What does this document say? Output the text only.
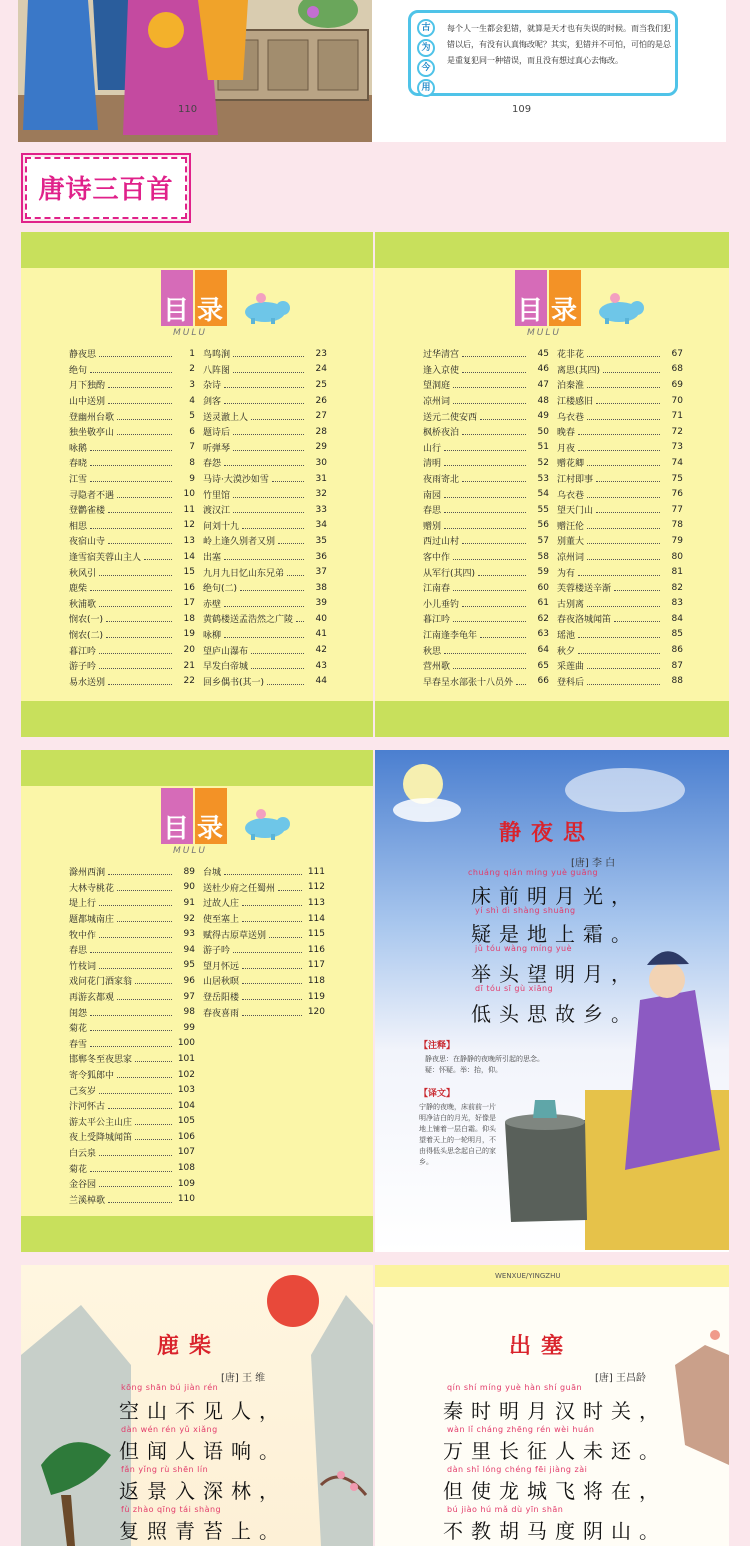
110
古
为
今
用
每个人一生都会犯错，就算是天才也有失误的时候。而当我们犯错以后，有没有认真悔改呢？其实，犯错并不可怕，可怕的是总是重复犯同一种错误，而且没有想过真心去悔改。
109
唐诗三百首
目 录
MULU
静夜思	1
绝句	2
月下独酌	3
山中送别	4
登幽州台歌	5
独坐敬亭山	6
咏鹅	7
春晓	8
江雪	9
寻隐者不遇	10
登鹳雀楼	11
相思	12
夜宿山寺	13
逢雪宿芙蓉山主人	14
秋风引	15
鹿柴	16
秋浦歌	17
悯农(一)	18
悯农(二)	19
暮江吟	20
游子吟	21
易水送别	22
鸟鸣涧	23
八阵图	24
杂诗	25
剑客	26
送灵澈上人	27
题诗后	28
听弹琴	29
春怨	30
马诗·大漠沙如雪	31
竹里馆	32
渡汉江	33
问刘十九	34
岭上逢久别者又别	35
出塞	36
九月九日忆山东兄弟	37
绝句(二)	38
赤壁	39
黄鹤楼送孟浩然之广陵	40
咏柳	41
望庐山瀑布	42
早发白帝城	43
回乡偶书(其一)	44
目 录
MULU
过华清宫	45
逢入京使	46
望洞庭	47
凉州词	48
送元二使安西	49
枫桥夜泊	50
山行	51
清明	52
夜雨寄北	53
南园	54
春思	55
赠别	56
西过山村	57
客中作	58
从军行(其四)	59
江南春	60
小儿垂钓	61
暮江吟	62
江南逢李龟年	63
秋思	64
营州歌	65
早春呈水部张十八员外	66
花非花	67
离思(其四)	68
泊秦淮	69
江楼感旧	70
乌衣巷	71
晚春	72
月夜	73
赠花卿	74
江村即事	75
乌衣巷	76
望天门山	77
赠汪伦	78
别董大	79
凉州词	80
为有	81
芙蓉楼送辛渐	82
古别离	83
春夜洛城闻笛	84
瑶池	85
秋夕	86
采莲曲	87
登科后	88
目 录
MULU
滁州西涧	89
大林寺桃花	90
堤上行	91
题都城南庄	92
牧中作	93
春思	94
竹枝词	95
戏问花门酒家翁	96
再游玄都观	97
闺怨	98
菊花	99
春雪	100
邯郸冬至夜思家	101
寄令狐郎中	102
己亥岁	103
汴河怀古	104
游太平公主山庄	105
夜上受降城闻笛	106
白云泉	107
菊花	108
金谷园	109
兰溪棹歌	110
台城	111
送杜少府之任蜀州	112
过故人庄	113
使至塞上	114
赋得古原草送别	115
游子吟	116
望月怀远	117
山居秋暝	118
登岳阳楼	119
春夜喜雨	120
静夜思
[唐] 李 白
chuáng qián míng yuè guāng
床前明月光，
yí shì dì shàng shuāng
疑是地上霜。
jǔ tóu wàng míng yuè
举头望明月，
dī tóu sī gù xiāng
低头思故乡。
【注释】
静夜思：在静静的夜晚所引起的思念。
疑：怀疑。举：抬，仰。
【译文】
宁静的夜晚，床前前一片明净洁白的月光，好像是地上铺着一层白霜。仰头望着天上的一轮明月，不由得低头思念起自己的家乡。
鹿柴
[唐] 王 维
kōng shān bú jiàn rén
空山不见人，
dàn wén rén yǔ xiǎng
但闻人语响。
fǎn yǐng rù shēn lín
返景入深林，
fù zhào qīng tái shàng
复照青苔上。
WENXUE/YINGZHU
出塞
[唐] 王昌龄
qín shí míng yuè hàn shí guān
秦时明月汉时关，
wàn lǐ cháng zhēng rén wèi huán
万里长征人未还。
dàn shǐ lóng chéng fēi jiàng zài
但使龙城飞将在，
bú jiào hú mǎ dù yīn shān
不教胡马度阴山。
